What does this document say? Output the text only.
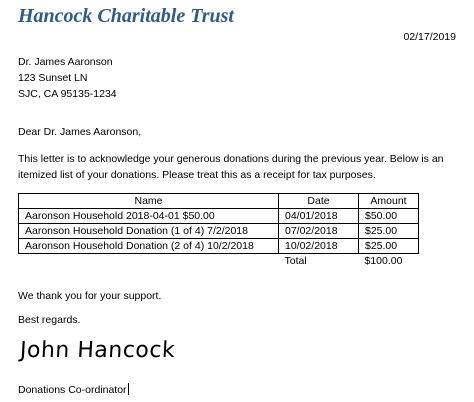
Hancock Charitable Trust
02/17/2019
Dr. James Aaronson
123 Sunset LN
SJC, CA 95135-1234
Dear Dr. James Aaronson,
This letter is to acknowledge your generous donations during the previous year. Below is an itemized list of your donations. Please treat this as a receipt for tax purposes.
Name	Date	Amount
Aaronson Household 2018-04-01 $50.00	04/01/2018	$50.00
Aaronson Household Donation (1 of 4) 7/2/2018	07/02/2018	$25.00
Aaronson Household Donation (2 of 4) 10/2/2018	10/02/2018	$25.00
	Total	$100.00
We thank you for your support.
Best regards.
John Hancock
Donations Co-ordinator
